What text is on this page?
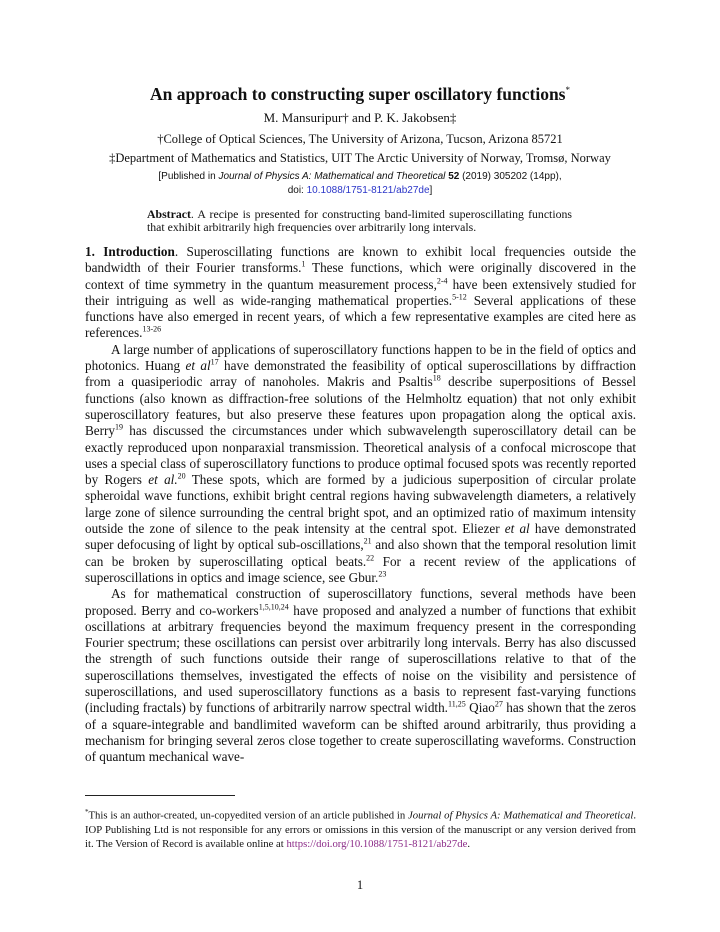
An approach to constructing super oscillatory functions*
M. Mansuripur† and P. K. Jakobsen‡
†College of Optical Sciences, The University of Arizona, Tucson, Arizona 85721
‡Department of Mathematics and Statistics, UIT The Arctic University of Norway, Tromsø, Norway
[Published in Journal of Physics A: Mathematical and Theoretical 52 (2019) 305202 (14pp),
doi: 10.1088/1751-8121/ab27de]
Abstract. A recipe is presented for constructing band-limited superoscillating functions that exhibit arbitrarily high frequencies over arbitrarily long intervals.

1. Introduction. Superoscillating functions are known to exhibit local frequencies outside the bandwidth of their Fourier transforms.$^1$ These functions, which were originally discovered in the context of time symmetry in the quantum measurement process,$^{2-4}$ have been extensively studied for their intriguing as well as wide-ranging mathematical properties.$^{5-12}$ Several applications of these functions have also emerged in recent years, of which a few representative examples are cited here as references.$^{13-26}$

A large number of applications of superoscillatory functions happen to be in the field of optics and photonics. Huang et $al^{17}$ have demonstrated the feasibility of optical superoscillations by diffraction from a quasiperiodic array of nanoholes. Makris and Psaltis$^{18}$ describe superpositions of Bessel functions (also known as diffraction-free solutions of the Helmholtz equation) that not only exhibit superoscillatory features, but also preserve these features upon propagation along the optical axis. Berry$^{19}$ has discussed the circumstances under which subwavelength superoscillatory detail can be exactly reproduced upon nonparaxial transmission. Theoretical analysis of a confocal microscope that uses a special class of superoscillatory functions to produce optimal focused spots was recently reported by Rogers et al.$^{20}$ These spots, which are formed by a judicious superposition of circular prolate spheroidal wave functions, exhibit bright central regions having subwavelength diameters, a relatively large zone of silence surrounding the central bright spot, and an optimized ratio of maximum intensity outside the zone of silence to the peak intensity at the central spot. Eliezer et al have demonstrated super defocusing of light by optical sub-oscillations,$^{21}$ and also shown that the temporal resolution limit can be broken by superoscillating optical beats.$^{22}$ For a recent review of the applications of superoscillations in optics and image science, see Gbur.$^{23}$

As for mathematical construction of superoscillatory functions, several methods have been proposed. Berry and co-workers$^{1,5,10,24}$ have proposed and analyzed a number of functions that exhibit oscillations at arbitrary frequencies beyond the maximum frequency present in the corresponding Fourier spectrum; these oscillations can persist over arbitrarily long intervals. Berry has also discussed the strength of such functions outside their range of superoscillations relative to that of the superoscillations themselves, investigated the effects of noise on the visibility and persistence of superoscillations, and used superoscillatory functions as a basis to represent fast-varying functions (including fractals) by functions of arbitrarily narrow spectral width.$^{11,25}$ Qiao$^{27}$ has shown that the zeros of a square-integrable and bandlimited waveform can be shifted around arbitrarily, thus providing a mechanism for bringing several zeros close together to create superoscillating waveforms. Construction of quantum mechanical wave-

*This is an author-created, un-copyedited version of an article published in Journal of Physics A: Mathematical and Theoretical. IOP Publishing Ltd is not responsible for any errors or omissions in this version of the manuscript or any version derived from it. The Version of Record is available online at https://doi.org/10.1088/1751-8121/ab27de.
1
